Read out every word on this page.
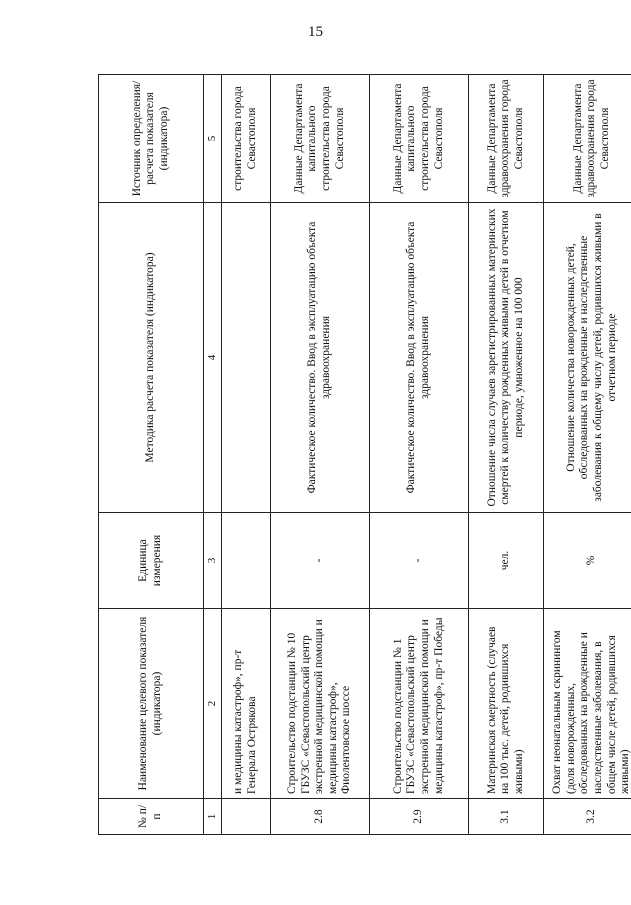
15
№ п/п	Наименование целевого показателя (индикатора)	Единица измерения	Методика расчета показателя (индикатора)	Источник определения/ расчета показателя (индикатора)
1	2	3	4	5
	и медицины катастроф», пр-т Генерала Острякова			строительства города Севастополя
2.8	Строительство подстанции № 10 ГБУЗС «Севастопольский центр экстренной медицинской помощи и медицины катастроф», Фиолентовское шоссе	-	Фактическое количество. Ввод в эксплуатацию объекта здравоохранения	Данные Департамента капитального строительства города Севастополя
2.9	Строительство подстанции № 1 ГБУЗС «Севастопольский центр экстренной медицинской помощи и медицины катастроф», пр-т Победы	-	Фактическое количество. Ввод в эксплуатацию объекта здравоохранения	Данные Департамента капитального строительства города Севастополя
3.1	Материнская смертность (случаев на 100 тыс. детей, родившихся живыми)	чел.	Отношение числа случаев зарегистрированных материнских смертей к количеству рожденных живыми детей в отчетном периоде, умноженное на 100 000	Данные Департамента здравоохранения города Севастополя
3.2	Охват неонатальным скринингом (доля новорожденных, обследованных на врожденные и наследственные заболевания, в общем числе детей, родившихся живыми)	%	Отношение количества новорожденных детей, обследованных на врожденные и наследственные заболевания к общему числу детей, родившихся живыми в отчетном периоде	Данные Департамента здравоохранения города Севастополя
